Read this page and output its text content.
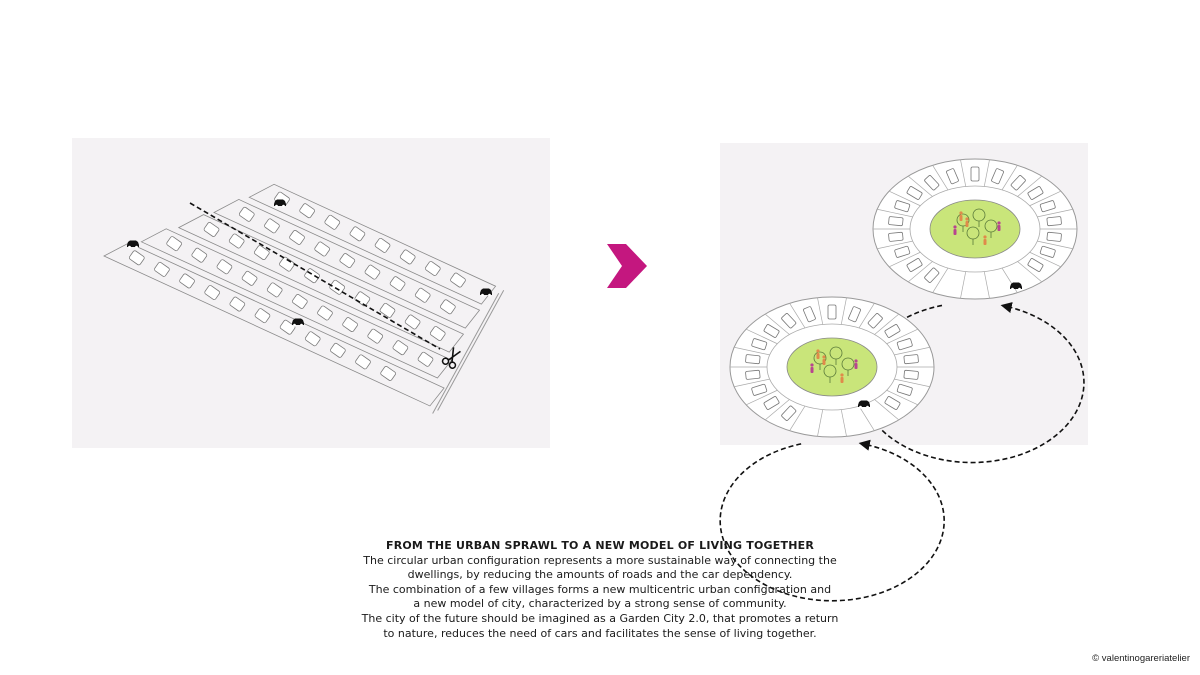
FROM THE URBAN SPRAWL TO A NEW MODEL OF LIVING TOGETHER
The circular urban configuration represents a more sustainable way of connecting the
dwellings, by reducing the amounts of roads and the car dependency.
The combination of a few villages forms a new multicentric urban configuration and
a new model of city, characterized by a strong sense of community.
The city of the future should be imagined as a Garden City 2.0, that promotes a return
to nature, reduces the need of cars and facilitates the sense of living together.
© valentinogareriatelier
